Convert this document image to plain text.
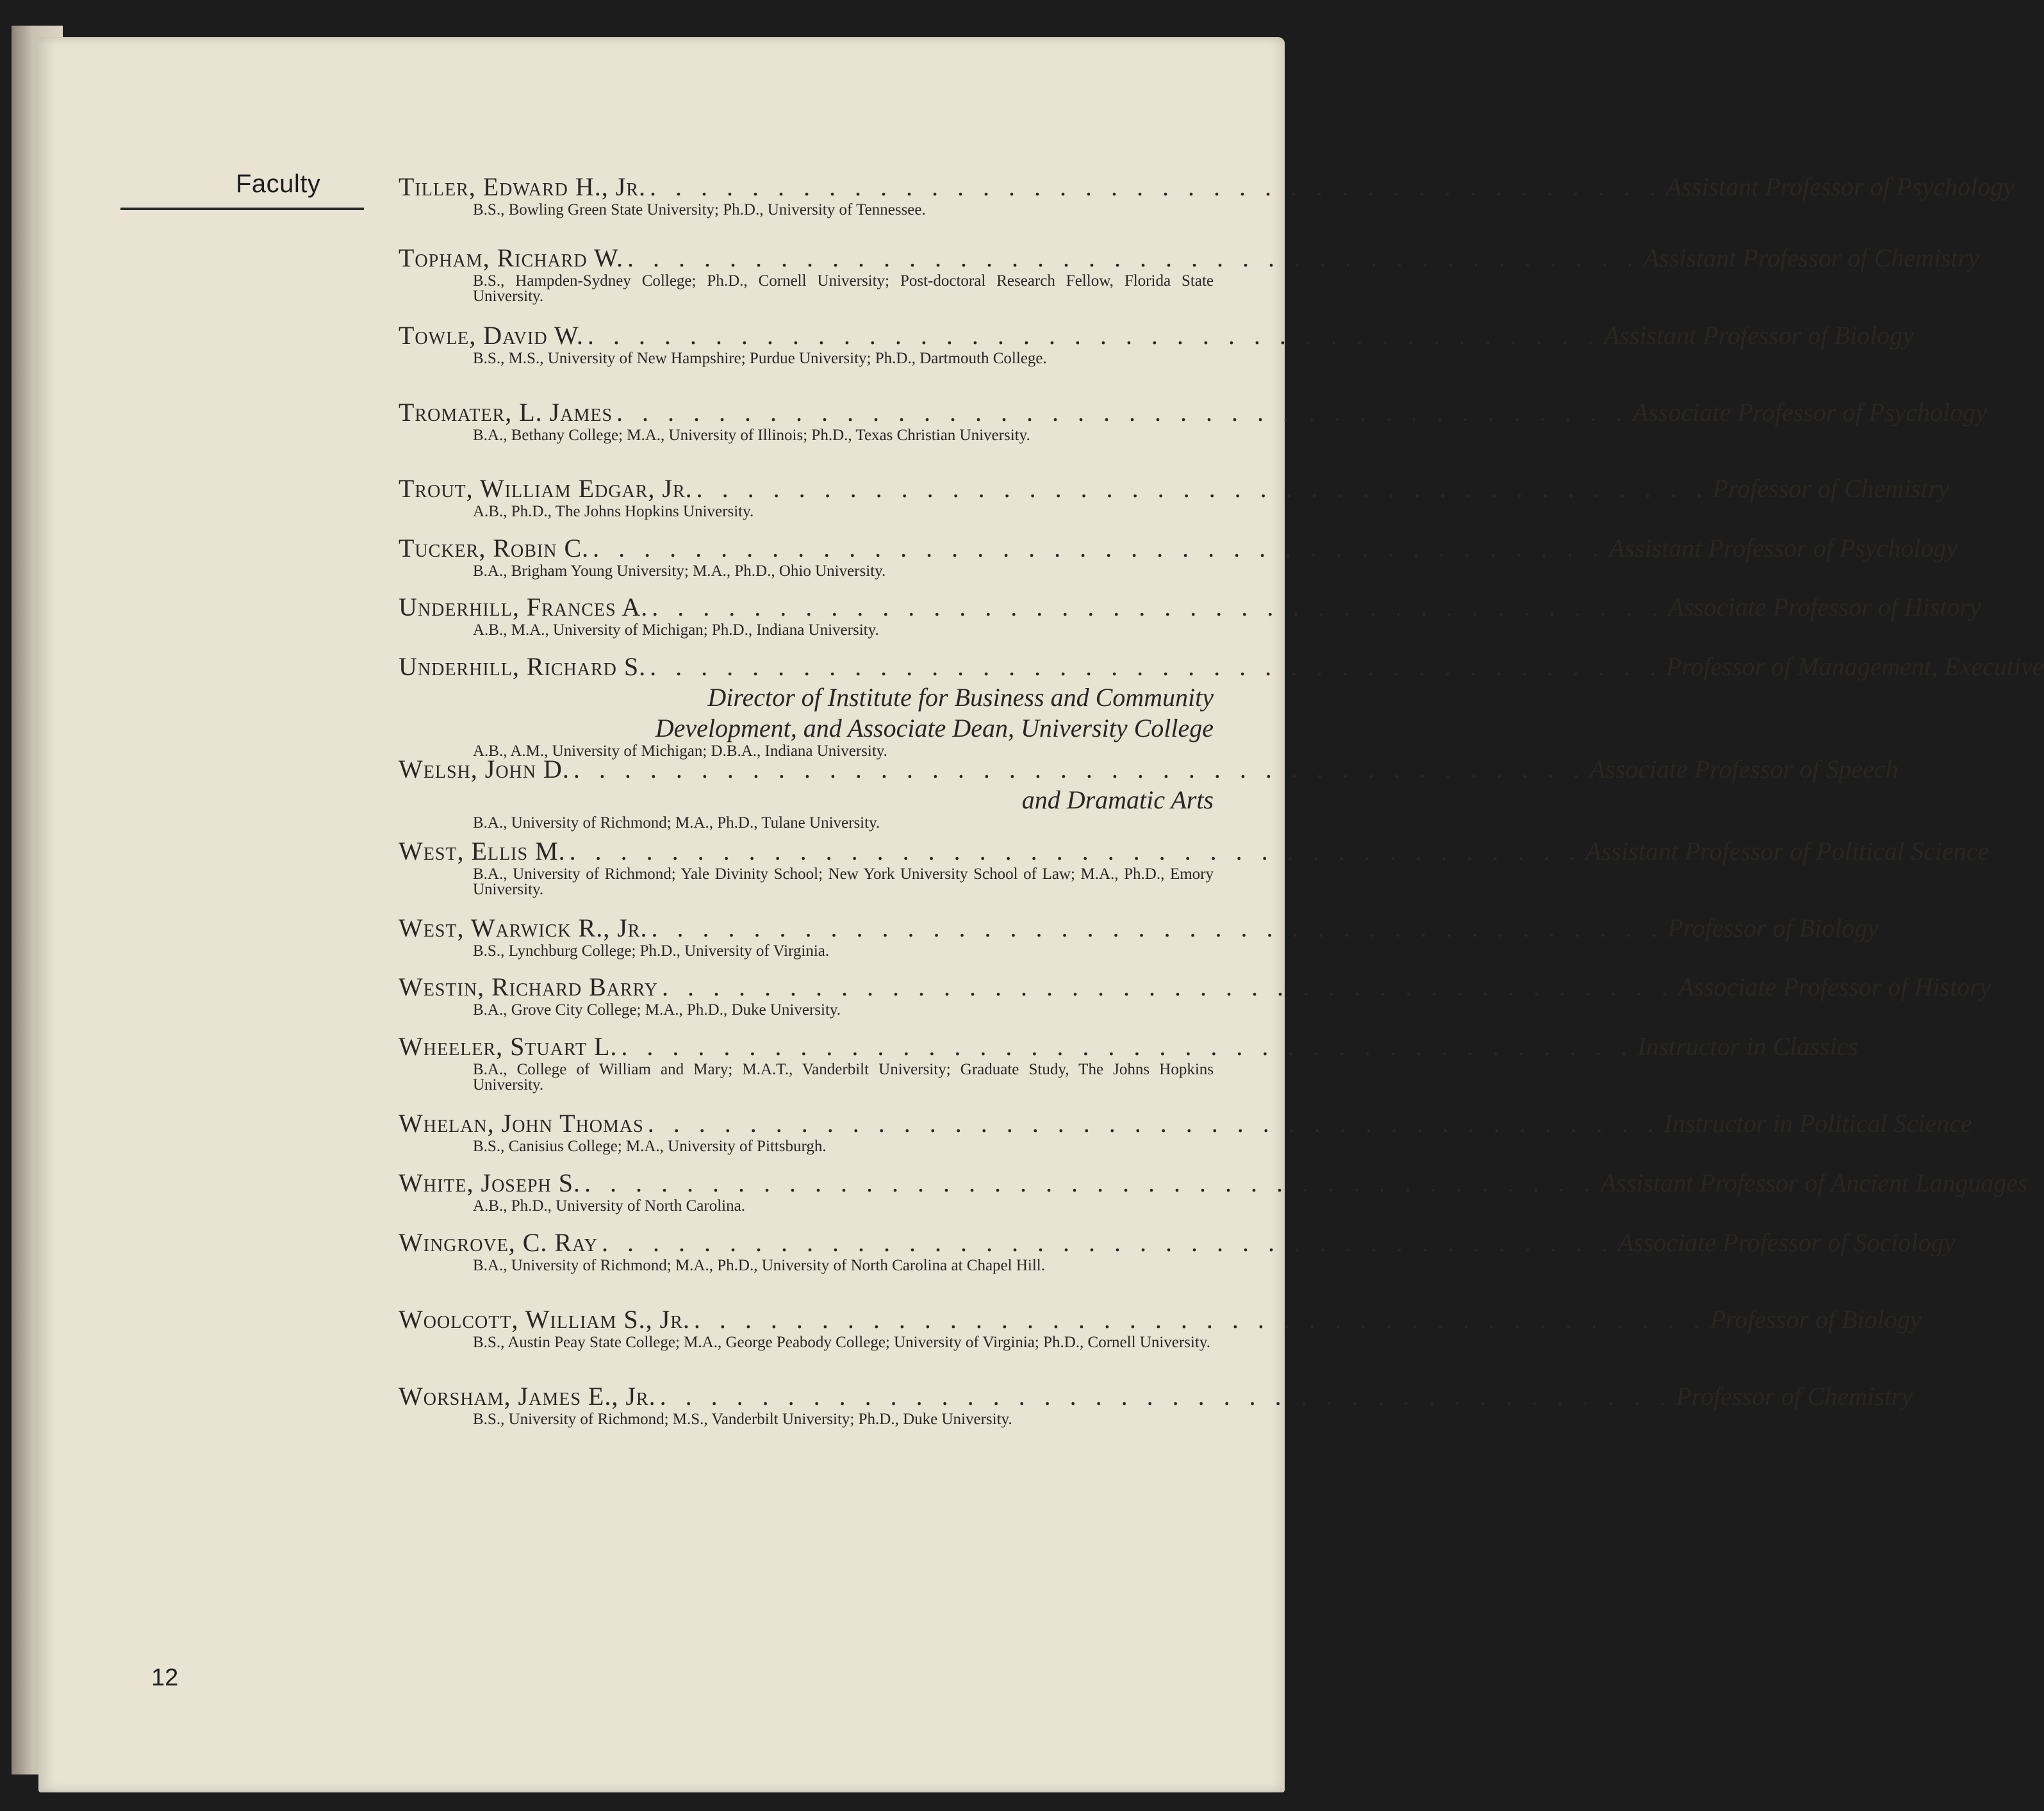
Faculty	Tiller, Edward H., Jr. . . . . . . . . . . . . . . . . . . . . . . . . . . . . . . . . . . . . . . . . Assistant Professor of Psychology
B.S., Bowling Green State University; Ph.D., University of Tennessee.
Topham, Richard W. . . . . . . . . . . . . . . . . . . . . . . . . . . . . . . . . . . . . . . . . Assistant Professor of Chemistry
B.S., Hampden-Sydney College; Ph.D., Cornell University; Post-doctoral Research Fellow, Florida State University.
Towle, David W. . . . . . . . . . . . . . . . . . . . . . . . . . . . . . . . . . . . . . . . . Assistant Professor of Biology
B.S., M.S., University of New Hampshire; Purdue University; Ph.D., Dartmouth College.
Tromater, L. James . . . . . . . . . . . . . . . . . . . . . . . . . . . . . . . . . . . . . . . . Associate Professor of Psychology
B.A., Bethany College; M.A., University of Illinois; Ph.D., Texas Christian University.
Trout, William Edgar, Jr. . . . . . . . . . . . . . . . . . . . . . . . . . . . . . . . . . . . . . . . . Professor of Chemistry
A.B., Ph.D., The Johns Hopkins University.
Tucker, Robin C. . . . . . . . . . . . . . . . . . . . . . . . . . . . . . . . . . . . . . . . . Assistant Professor of Psychology
B.A., Brigham Young University; M.A., Ph.D., Ohio University.
Underhill, Frances A. . . . . . . . . . . . . . . . . . . . . . . . . . . . . . . . . . . . . . . . . Associate Professor of History
A.B., M.A., University of Michigan; Ph.D., Indiana University.
Underhill, Richard S. . . . . . . . . . . . . . . . . . . . . . . . . . . . . . . . . . . . . . . . . Professor of Management, Executive
Director of Institute for Business and Community
Development, and Associate Dean, University College
A.B., A.M., University of Michigan; D.B.A., Indiana University.
Welsh, John D. . . . . . . . . . . . . . . . . . . . . . . . . . . . . . . . . . . . . . . . . Associate Professor of Speech
and Dramatic Arts
B.A., University of Richmond; M.A., Ph.D., Tulane University.
West, Ellis M. . . . . . . . . . . . . . . . . . . . . . . . . . . . . . . . . . . . . . . . . Assistant Professor of Political Science
B.A., University of Richmond; Yale Divinity School; New York University School of Law; M.A., Ph.D., Emory University.
West, Warwick R., Jr. . . . . . . . . . . . . . . . . . . . . . . . . . . . . . . . . . . . . . . . . Professor of Biology
B.S., Lynchburg College; Ph.D., University of Virginia.
Westin, Richard Barry . . . . . . . . . . . . . . . . . . . . . . . . . . . . . . . . . . . . . . . . Associate Professor of History
B.A., Grove City College; M.A., Ph.D., Duke University.
Wheeler, Stuart L. . . . . . . . . . . . . . . . . . . . . . . . . . . . . . . . . . . . . . . . . Instructor in Classics
B.A., College of William and Mary; M.A.T., Vanderbilt University; Graduate Study, The Johns Hopkins University.
Whelan, John Thomas . . . . . . . . . . . . . . . . . . . . . . . . . . . . . . . . . . . . . . . . Instructor in Political Science
B.S., Canisius College; M.A., University of Pittsburgh.
White, Joseph S. . . . . . . . . . . . . . . . . . . . . . . . . . . . . . . . . . . . . . . . . Assistant Professor of Ancient Languages
A.B., Ph.D., University of North Carolina.
Wingrove, C. Ray . . . . . . . . . . . . . . . . . . . . . . . . . . . . . . . . . . . . . . . . Associate Professor of Sociology
B.A., University of Richmond; M.A., Ph.D., University of North Carolina at Chapel Hill.
Woolcott, William S., Jr. . . . . . . . . . . . . . . . . . . . . . . . . . . . . . . . . . . . . . . . . Professor of Biology
B.S., Austin Peay State College; M.A., George Peabody College; University of Virginia; Ph.D., Cornell University.
Worsham, James E., Jr. . . . . . . . . . . . . . . . . . . . . . . . . . . . . . . . . . . . . . . . . Professor of Chemistry
B.S., University of Richmond; M.S., Vanderbilt University; Ph.D., Duke University.
12
